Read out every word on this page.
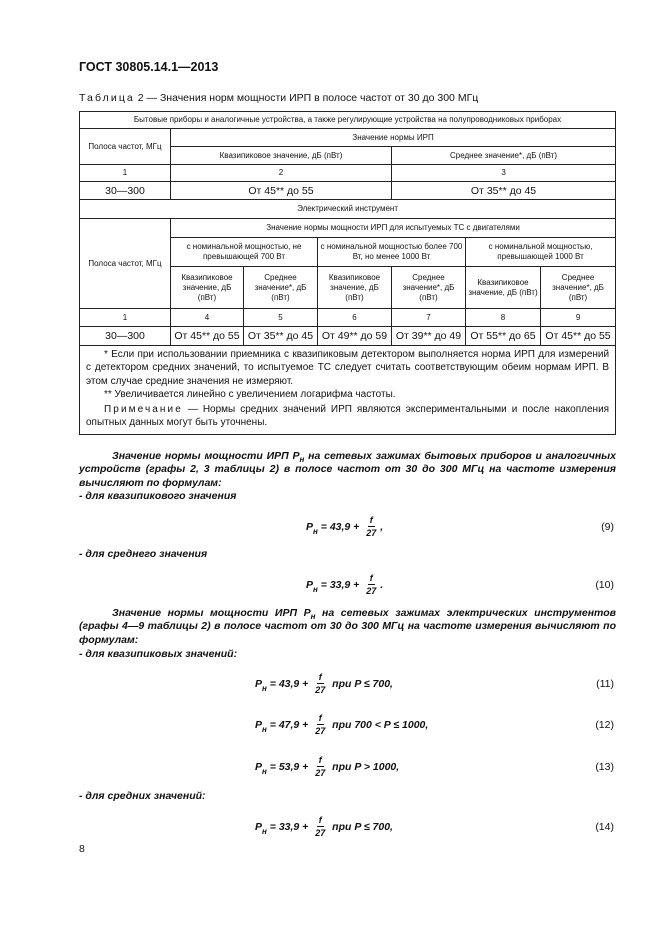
ГОСТ 30805.14.1—2013
Таблица 2 — Значения норм мощности ИРП в полосе частот от 30 до 300 МГц
Бытовые приборы и аналогичные устройства, а также регулирующие устройства на полупроводниковых приборах						
Полоса частот, МГц	Значение нормы ИРП					
	Квазипиковое значение, дБ (пВт)			Среднее значение*, дБ (пВт)		
1	2			3		
30—300	От 45** до 55			От 35** до 45		
Электрический инструмент						
Полоса частот, МГц	Значение нормы мощности ИРП для испытуемых ТС с двигателями					
	с номинальной мощностью, не превышающей 700 Вт		с номинальной мощностью более 700 Вт, но менее 1000 Вт		с номинальной мощностью, превышающей 1000 Вт	
	Квазипиковое значение, дБ (пВт)	Среднее значение*, дБ (пВт)	Квазипиковое значение, дБ (пВт)	Среднее значение*, дБ (пВт)	Квазипиковое значение, дБ (пВт)	Среднее значение*, дБ (пВт)
1	4	5	6	7	8	9
30—300	От 45** до 55	От 35** до 45	От 49** до 59	От 39** до 49	От 55** до 65	От 45** до 55

* Если при использовании приемника с квазипиковым детектором выполняется норма ИРП для измерений с детектором средних значений, то испытуемое ТС следует считать соответствующим обеим нормам ИРП. В этом случае средние значения не измеряют.

** Увеличивается линейно с увеличением логарифма частоты.

Примечание — Нормы средних значений ИРП являются экспериментальными и после накопления опытных данных могут быть уточнены.						

Значение нормы мощности ИРП $P_н$ на сетевых зажимах бытовых приборов и аналогичных устройств (графы 2, 3 таблицы 2) в полосе частот от 30 до 300 МГц на частоте измерения вычисляют по формулам:
- для квазипикового значения
P $н = 43,9 + \frac{f}{27}$ ,	(9)
- для среднего значения
P $н = 33,9 + \frac{f}{27}$ .	(10)
Значение нормы мощности ИРП $P_н$ на сетевых зажимах электрических инструментов (графы 4—9 таблицы 2) в полосе частот от 30 до 300 МГц на частоте измерения вычисляют по формулам:
- для квазипиковых значений:
P $н = 43,9 + \frac{f}{27}$ при P ≤ 700,	(11)
P $н = 47,9 + \frac{f}{27}$ при 700 < P ≤ 1000,	(12)
P $н = 53,9 + \frac{f}{27}$ при P > 1000,	(13)
- для средних значений:
P $н = 33,9 + \frac{f}{27}$ при P ≤ 700,	(14)
8
